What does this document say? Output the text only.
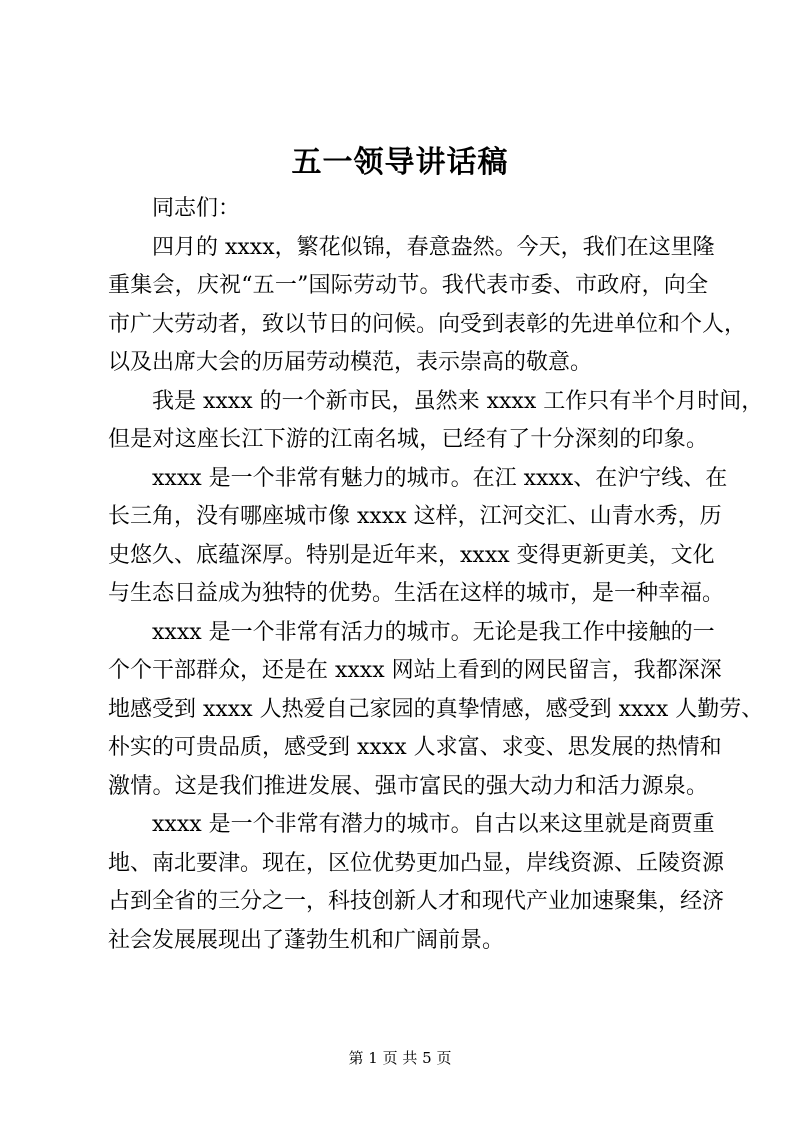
五一领导讲话稿

同志们：

四月的 xxxx，繁花似锦，春意盎然。今天，我们在这里隆
重集会，庆祝“五一”国际劳动节。我代表市委、市政府，向全
市广大劳动者，致以节日的问候。向受到表彰的先进单位和个人，
以及出席大会的历届劳动模范，表示崇高的敬意。

我是 xxxx 的一个新市民，虽然来 xxxx 工作只有半个月时间，
但是对这座长江下游的江南名城，已经有了十分深刻的印象。

xxxx 是一个非常有魅力的城市。在江 xxxx、在沪宁线、在
长三角，没有哪座城市像 xxxx 这样，江河交汇、山青水秀，历
史悠久、底蕴深厚。特别是近年来，xxxx 变得更新更美，文化
与生态日益成为独特的优势。生活在这样的城市，是一种幸福。

xxxx 是一个非常有活力的城市。无论是我工作中接触的一
个个干部群众，还是在 xxxx 网站上看到的网民留言，我都深深
地感受到 xxxx 人热爱自己家园的真挚情感，感受到 xxxx 人勤劳、
朴实的可贵品质，感受到 xxxx 人求富、求变、思发展的热情和
激情。这是我们推进发展、强市富民的强大动力和活力源泉。

xxxx 是一个非常有潜力的城市。自古以来这里就是商贾重
地、南北要津。现在，区位优势更加凸显，岸线资源、丘陵资源
占到全省的三分之一，科技创新人才和现代产业加速聚集，经济
社会发展展现出了蓬勃生机和广阔前景。

第 1 页 共 5 页
